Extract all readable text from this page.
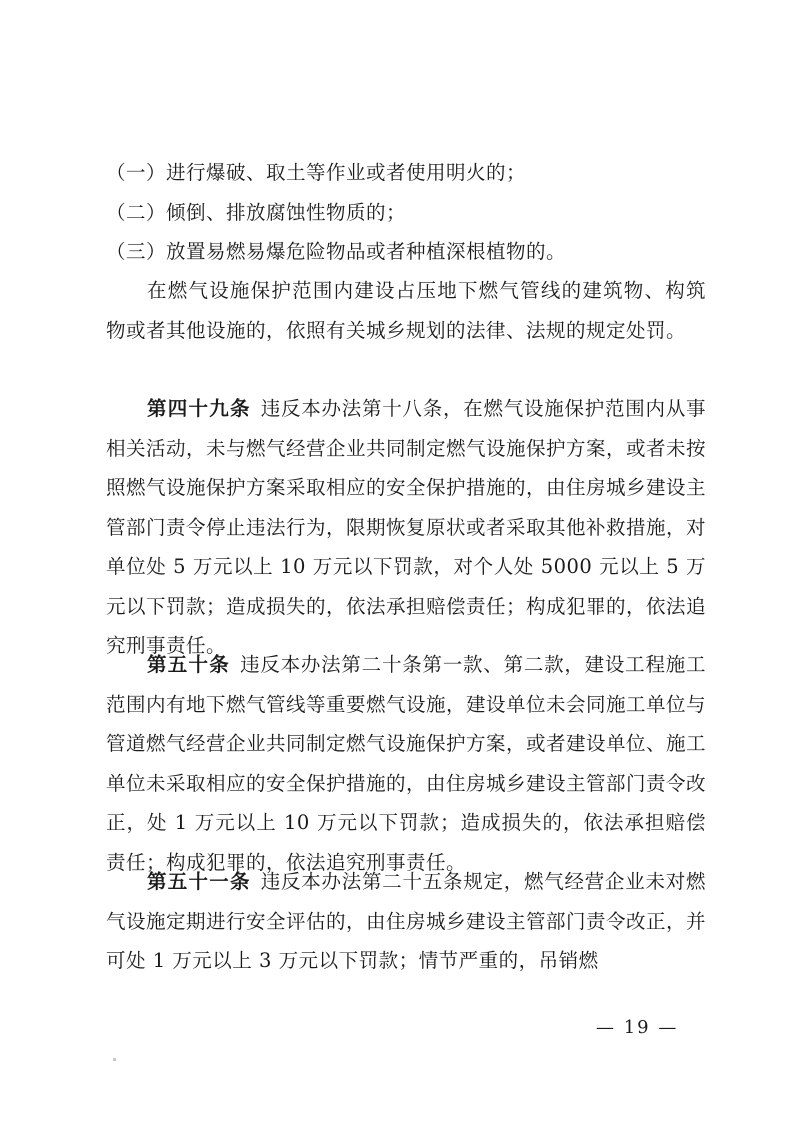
（一）进行爆破、取土等作业或者使用明火的；

（二）倾倒、排放腐蚀性物质的；

（三）放置易燃易爆危险物品或者种植深根植物的。

在燃气设施保护范围内建设占压地下燃气管线的建筑物、构筑物或者其他设施的，依照有关城乡规划的法律、法规的规定处罚。

第四十九条 违反本办法第十八条，在燃气设施保护范围内从事相关活动，未与燃气经营企业共同制定燃气设施保护方案，或者未按照燃气设施保护方案采取相应的安全保护措施的，由住房城乡建设主管部门责令停止违法行为，限期恢复原状或者采取其他补救措施，对单位处 5 万元以上 10 万元以下罚款，对个人处 5000 元以上 5 万元以下罚款；造成损失的，依法承担赔偿责任；构成犯罪的，依法追究刑事责任。

第五十条 违反本办法第二十条第一款、第二款，建设工程施工范围内有地下燃气管线等重要燃气设施，建设单位未会同施工单位与管道燃气经营企业共同制定燃气设施保护方案，或者建设单位、施工单位未采取相应的安全保护措施的，由住房城乡建设主管部门责令改正，处 1 万元以上 10 万元以下罚款；造成损失的，依法承担赔偿责任；构成犯罪的，依法追究刑事责任。

第五十一条 违反本办法第二十五条规定，燃气经营企业未对燃气设施定期进行安全评估的，由住房城乡建设主管部门责令改正，并可处 1 万元以上 3 万元以下罚款；情节严重的，吊销燃

— 19 —
